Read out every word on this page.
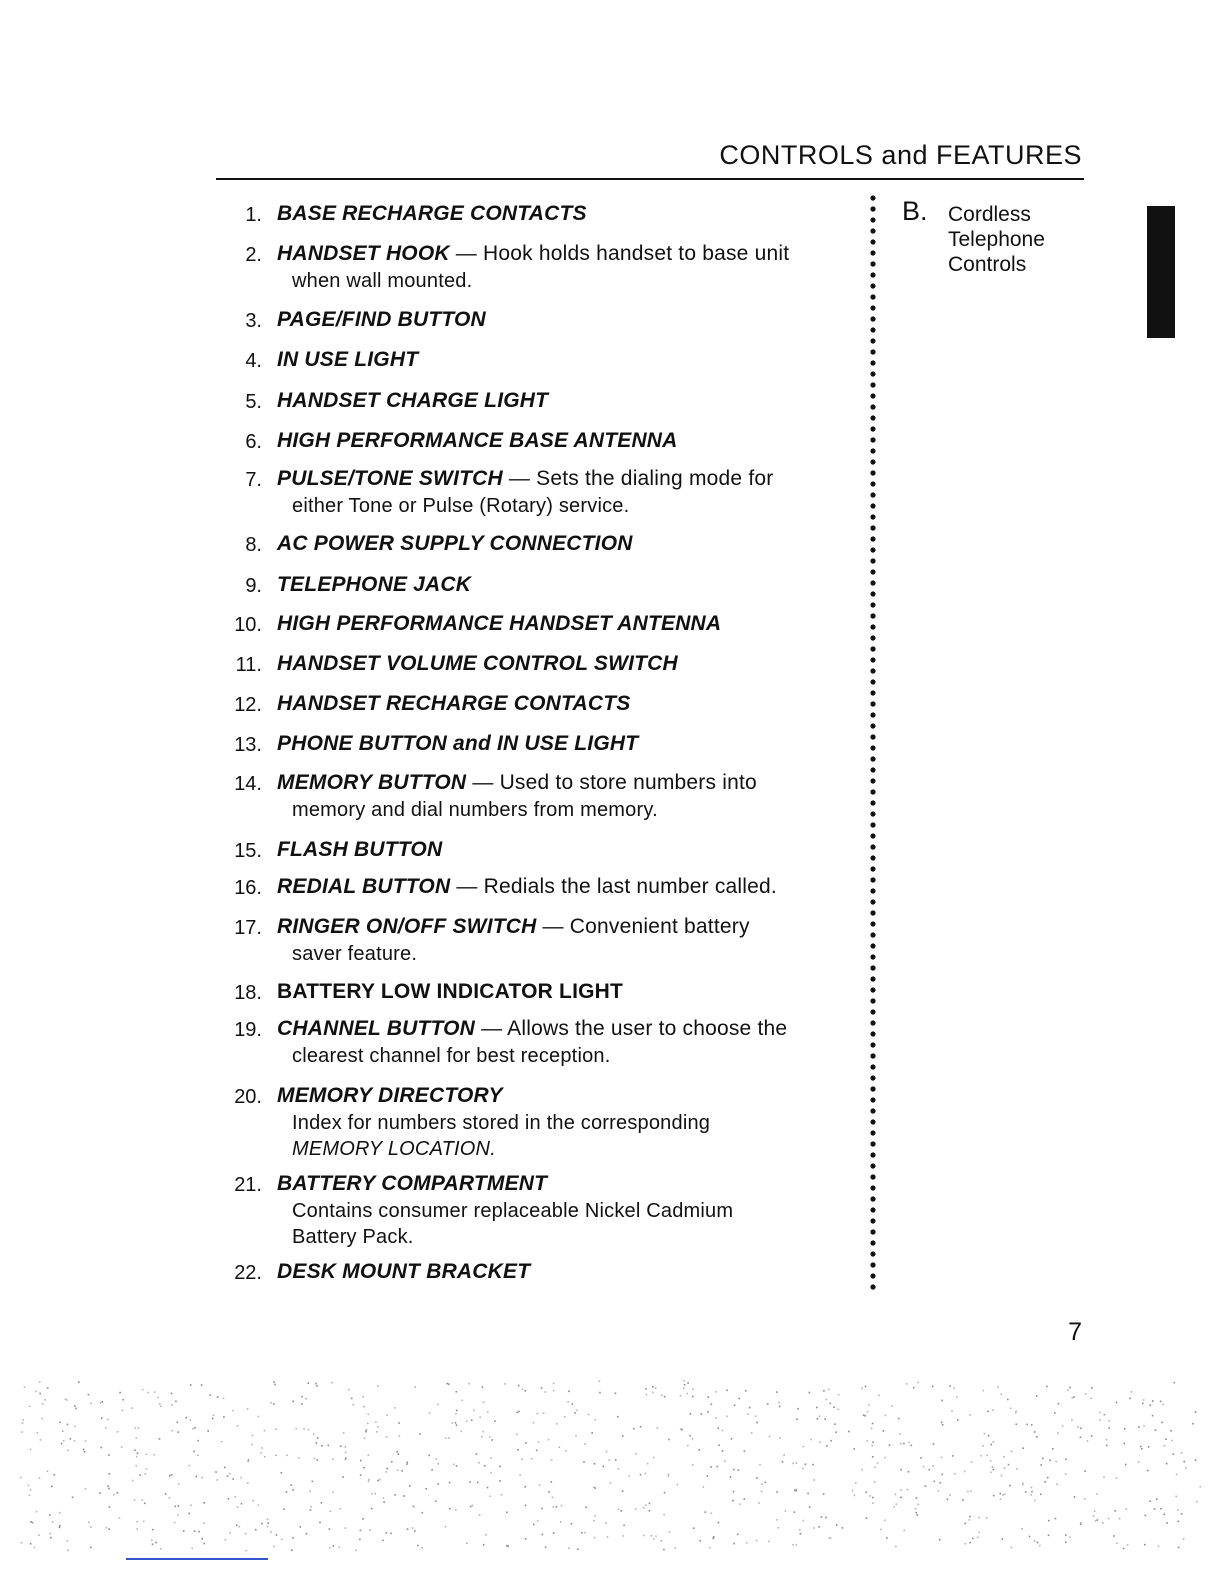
CONTROLS and FEATURES
1. BASE RECHARGE CONTACTS
2. HANDSET HOOK — Hook holds handset to base unit
when wall mounted.
3. PAGE/FIND BUTTON
4. IN USE LIGHT
5. HANDSET CHARGE LIGHT
6. HIGH PERFORMANCE BASE ANTENNA
7. PULSE/TONE SWITCH — Sets the dialing mode for
either Tone or Pulse (Rotary) service.
8. AC POWER SUPPLY CONNECTION
9. TELEPHONE JACK
10. HIGH PERFORMANCE HANDSET ANTENNA
11. HANDSET VOLUME CONTROL SWITCH
12. HANDSET RECHARGE CONTACTS
13. PHONE BUTTON and IN USE LIGHT
14. MEMORY BUTTON — Used to store numbers into
memory and dial numbers from memory.
15. FLASH BUTTON
16. REDIAL BUTTON — Redials the last number called.
17. RINGER ON/OFF SWITCH — Convenient battery
saver feature.
18. BATTERY LOW INDICATOR LIGHT
19. CHANNEL BUTTON — Allows the user to choose the
clearest channel for best reception.
20. MEMORY DIRECTORY
Index for numbers stored in the corresponding
MEMORY LOCATION.
21. BATTERY COMPARTMENT
Contains consumer replaceable Nickel Cadmium
Battery Pack.
22. DESK MOUNT BRACKET
B. Cordless
Telephone
Controls
7
